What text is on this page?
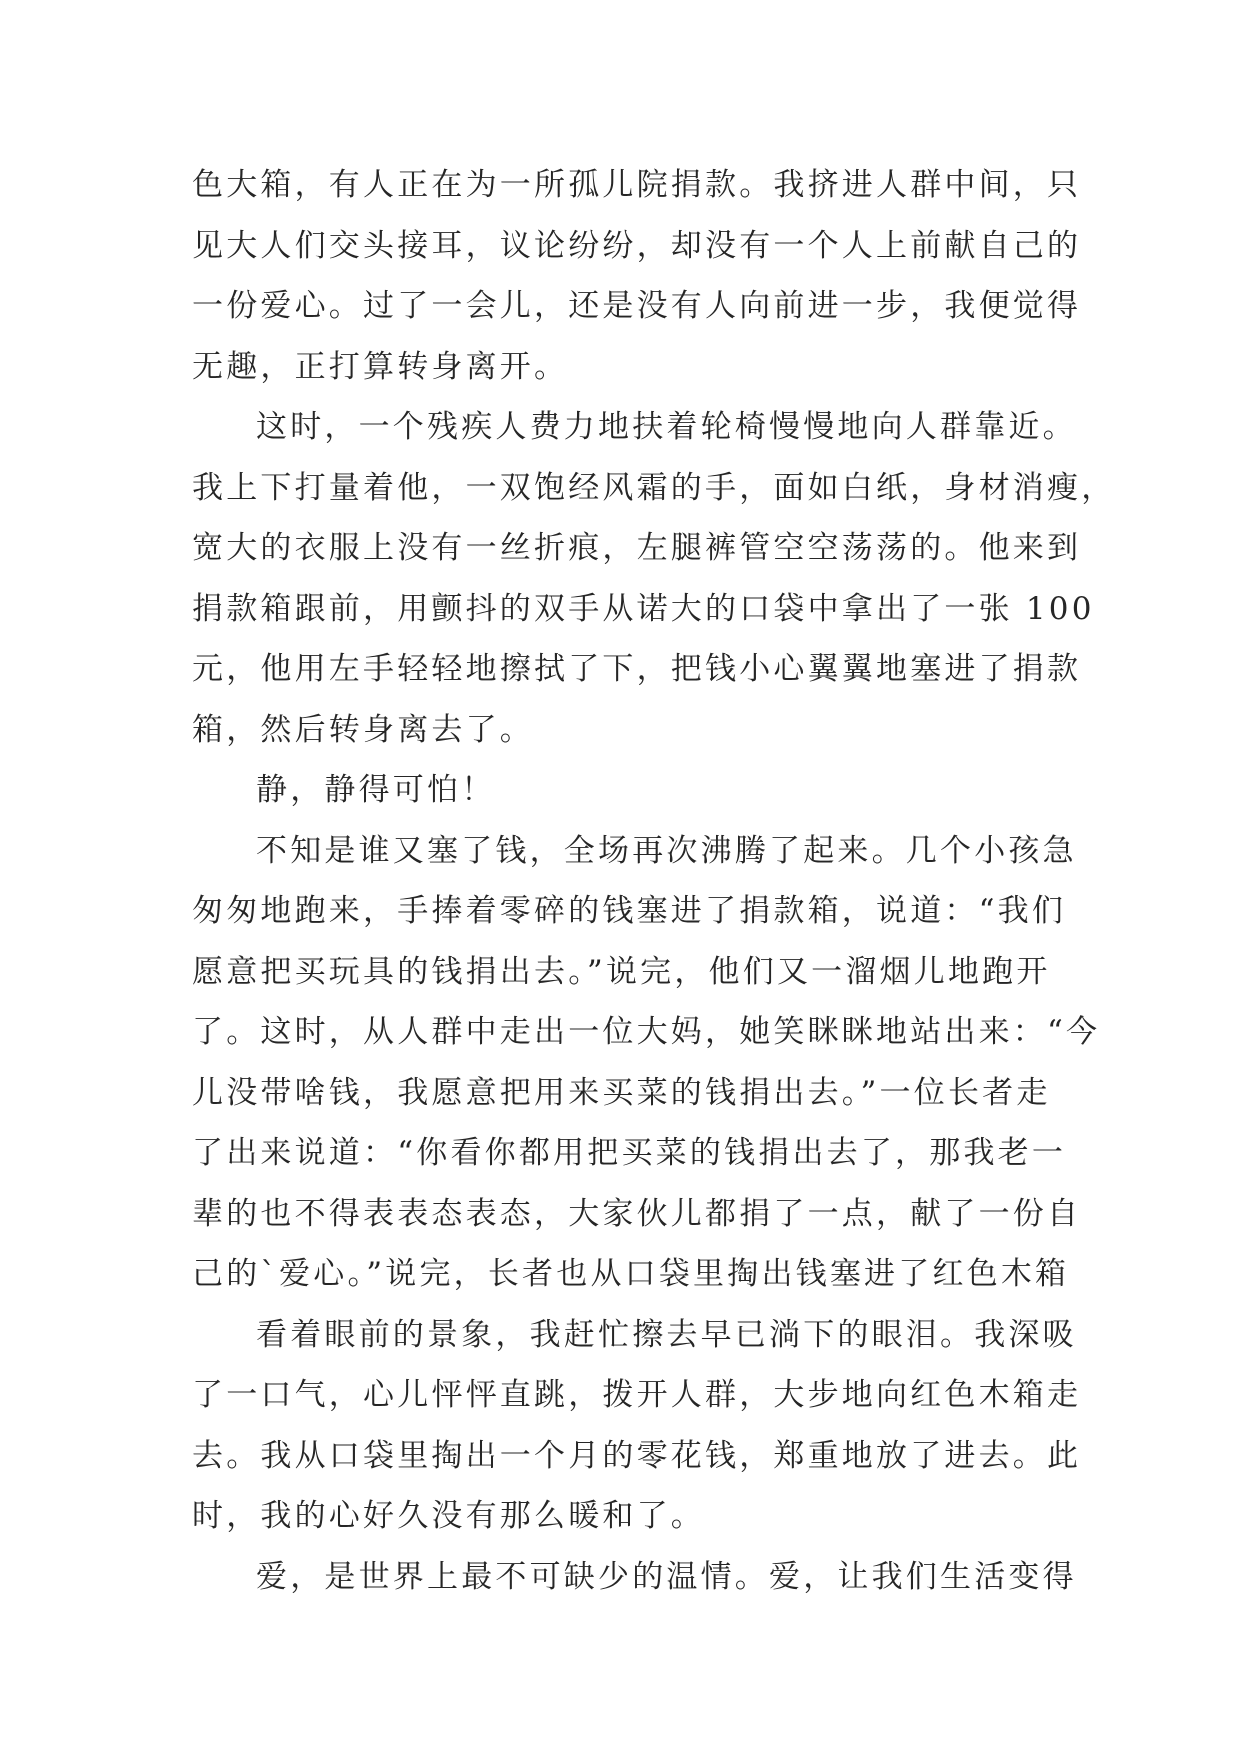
色大箱，有人正在为一所孤儿院捐款。我挤进人群中间，只
见大人们交头接耳，议论纷纷，却没有一个人上前献自己的
一份爱心。过了一会儿，还是没有人向前进一步，我便觉得
无趣，正打算转身离开。
这时，一个残疾人费力地扶着轮椅慢慢地向人群靠近。
我上下打量着他，一双饱经风霜的手，面如白纸，身材消瘦，
宽大的衣服上没有一丝折痕，左腿裤管空空荡荡的。他来到
捐款箱跟前，用颤抖的双手从诺大的口袋中拿出了一张 100
元，他用左手轻轻地擦拭了下，把钱小心翼翼地塞进了捐款
箱，然后转身离去了。
静，静得可怕！
不知是谁又塞了钱，全场再次沸腾了起来。几个小孩急
匆匆地跑来，手捧着零碎的钱塞进了捐款箱，说道：“我们
愿意把买玩具的钱捐出去。”说完，他们又一溜烟儿地跑开
了。这时，从人群中走出一位大妈，她笑眯眯地站出来：“今
儿没带啥钱，我愿意把用来买菜的钱捐出去。”一位长者走
了出来说道：“你看你都用把买菜的钱捐出去了，那我老一
辈的也不得表表态表态，大家伙儿都捐了一点，献了一份自
己的`爱心。”说完，长者也从口袋里掏出钱塞进了红色木箱
看着眼前的景象，我赶忙擦去早已淌下的眼泪。我深吸
了一口气，心儿怦怦直跳，拨开人群，大步地向红色木箱走
去。我从口袋里掏出一个月的零花钱，郑重地放了进去。此
时，我的心好久没有那么暖和了。
爱，是世界上最不可缺少的温情。爱，让我们生活变得
